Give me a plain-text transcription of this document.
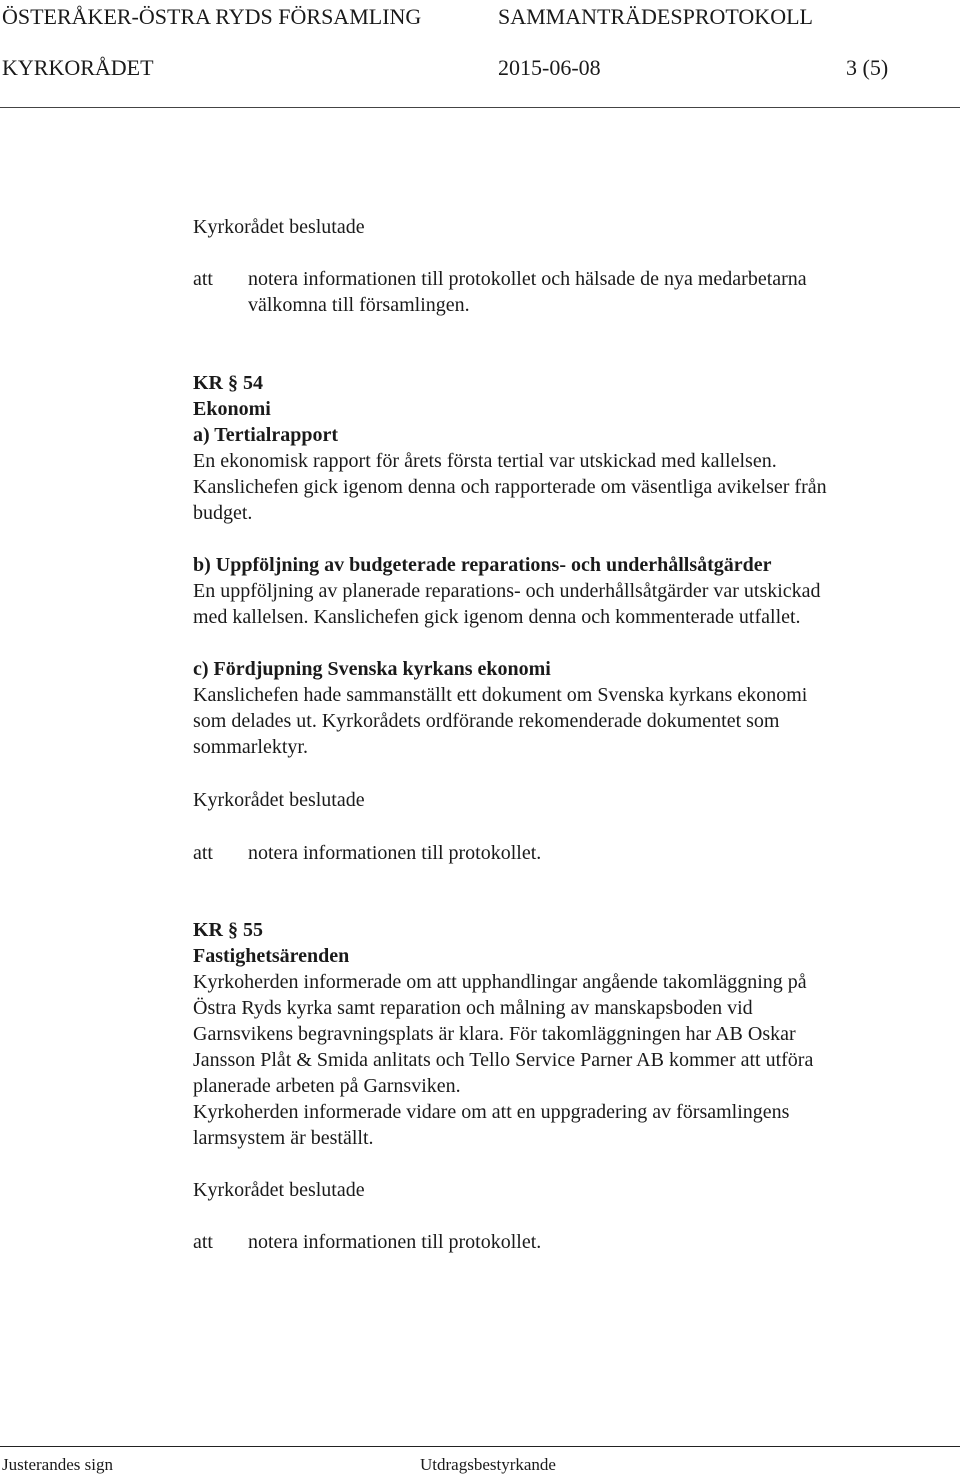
ÖSTERÅKER-ÖSTRA RYDS FÖRSAMLING	SAMMANTRÄDESPROTOKOLL
KYRKORÅDET	2015-06-08	3 (5)

Kyrkorådet beslutade

att notera informationen till protokollet och hälsade de nya medarbetarna

välkomna till församlingen.

KR § 54

Ekonomi

a) Tertialrapport

En ekonomisk rapport för årets första tertial var utskickad med kallelsen.

Kanslichefen gick igenom denna och rapporterade om väsentliga avikelser från

budget.

b) Uppföljning av budgeterade reparations- och underhållsåtgärder

En uppföljning av planerade reparations- och underhållsåtgärder var utskickad

med kallelsen. Kanslichefen gick igenom denna och kommenterade utfallet.

c) Fördjupning Svenska kyrkans ekonomi

Kanslichefen hade sammanställt ett dokument om Svenska kyrkans ekonomi

som delades ut. Kyrkorådets ordförande rekomenderade dokumentet som

sommarlektyr.

Kyrkorådet beslutade

att notera informationen till protokollet.

KR § 55

Fastighetsärenden

Kyrkoherden informerade om att upphandlingar angående takomläggning på

Östra Ryds kyrka samt reparation och målning av manskapsboden vid

Garnsvikens begravningsplats är klara. För takomläggningen har AB Oskar

Jansson Plåt & Smida anlitats och Tello Service Parner AB kommer att utföra

planerade arbeten på Garnsviken.

Kyrkoherden informerade vidare om att en uppgradering av församlingens

larmsystem är beställt.

Kyrkorådet beslutade

att notera informationen till protokollet.

Justerandes sign	Utdragsbestyrkande
